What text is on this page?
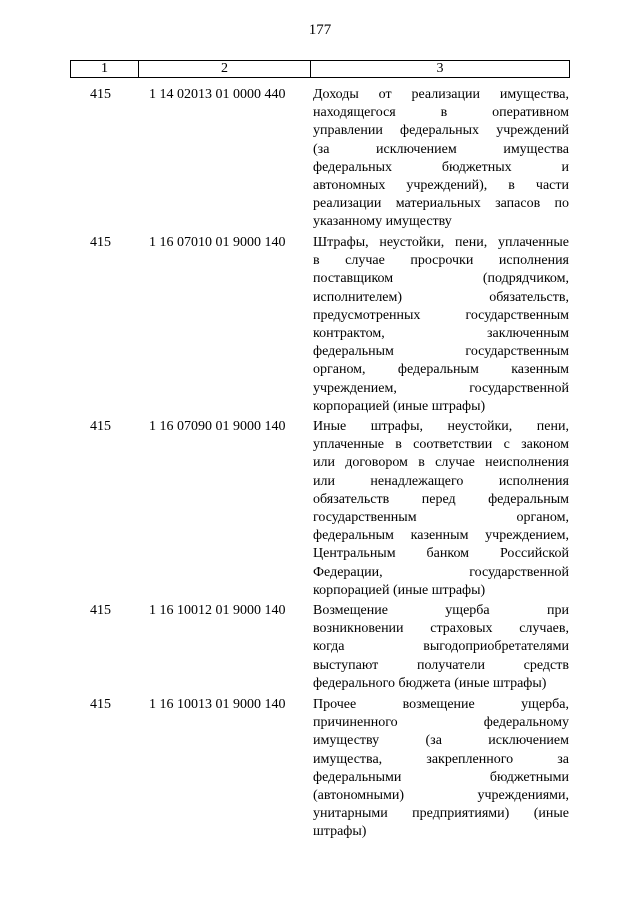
177
1	2	3
415	1 14 02013 01 0000 440 Доходы от реализации имущества,
находящегося в оперативном
управлении федеральных учреждений
(за исключением имущества
федеральных бюджетных и
автономных учреждений), в части
реализации материальных запасов по
указанному имуществу
415	1 16 07010 01 9000 140 Штрафы, неустойки, пени, уплаченные
в случае просрочки исполнения
поставщиком (подрядчиком,
исполнителем) обязательств,
предусмотренных государственным
контрактом, заключенным
федеральным государственным
органом, федеральным казенным
учреждением, государственной
корпорацией (иные штрафы)
415	1 16 07090 01 9000 140 Иные штрафы, неустойки, пени,
уплаченные в соответствии с законом
или договором в случае неисполнения
или ненадлежащего исполнения
обязательств перед федеральным
государственным органом,
федеральным казенным учреждением,
Центральным банком Российской
Федерации, государственной
корпорацией (иные штрафы)
415	1 16 10012 01 9000 140 Возмещение ущерба при
возникновении страховых случаев,
когда выгодоприобретателями
выступают получатели средств
федерального бюджета (иные штрафы)
415	1 16 10013 01 9000 140 Прочее возмещение ущерба,
причиненного федеральному
имуществу (за исключением
имущества, закрепленного за
федеральными бюджетными
(автономными) учреждениями,
унитарными предприятиями) (иные
штрафы)
